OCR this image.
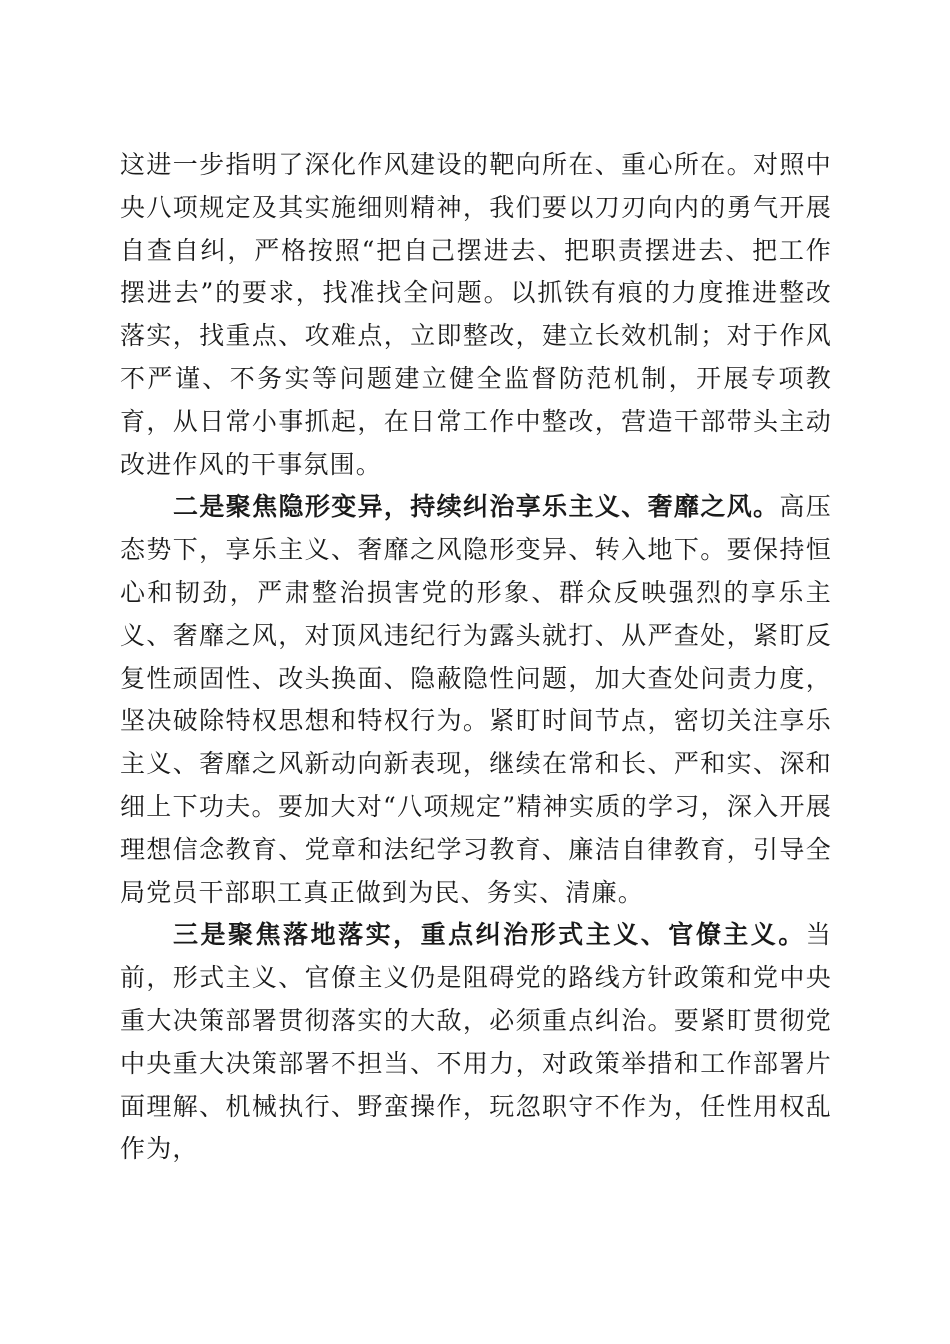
这进一步指明了深化作风建设的靶向所在、重心所在。对照中央八项规定及其实施细则精神，我们要以刀刃向内的勇气开展自查自纠，严格按照“把自己摆进去、把职责摆进去、把工作摆进去”的要求，找准找全问题。以抓铁有痕的力度推进整改落实，找重点、攻难点，立即整改，建立长效机制；对于作风不严谨、不务实等问题建立健全监督防范机制，开展专项教育，从日常小事抓起，在日常工作中整改，营造干部带头主动改进作风的干事氛围。

二是聚焦隐形变异，持续纠治享乐主义、奢靡之风。高压态势下，享乐主义、奢靡之风隐形变异、转入地下。要保持恒心和韧劲，严肃整治损害党的形象、群众反映强烈的享乐主义、奢靡之风，对顶风违纪行为露头就打、从严查处，紧盯反复性顽固性、改头换面、隐蔽隐性问题，加大查处问责力度，坚决破除特权思想和特权行为。紧盯时间节点，密切关注享乐主义、奢靡之风新动向新表现，继续在常和长、严和实、深和细上下功夫。要加大对“八项规定”精神实质的学习，深入开展理想信念教育、党章和法纪学习教育、廉洁自律教育，引导全局党员干部职工真正做到为民、务实、清廉。

三是聚焦落地落实，重点纠治形式主义、官僚主义。当前，形式主义、官僚主义仍是阻碍党的路线方针政策和党中央重大决策部署贯彻落实的大敌，必须重点纠治。要紧盯贯彻党中央重大决策部署不担当、不用力，对政策举措和工作部署片面理解、机械执行、野蛮操作，玩忽职守不作为，任性用权乱作为，
